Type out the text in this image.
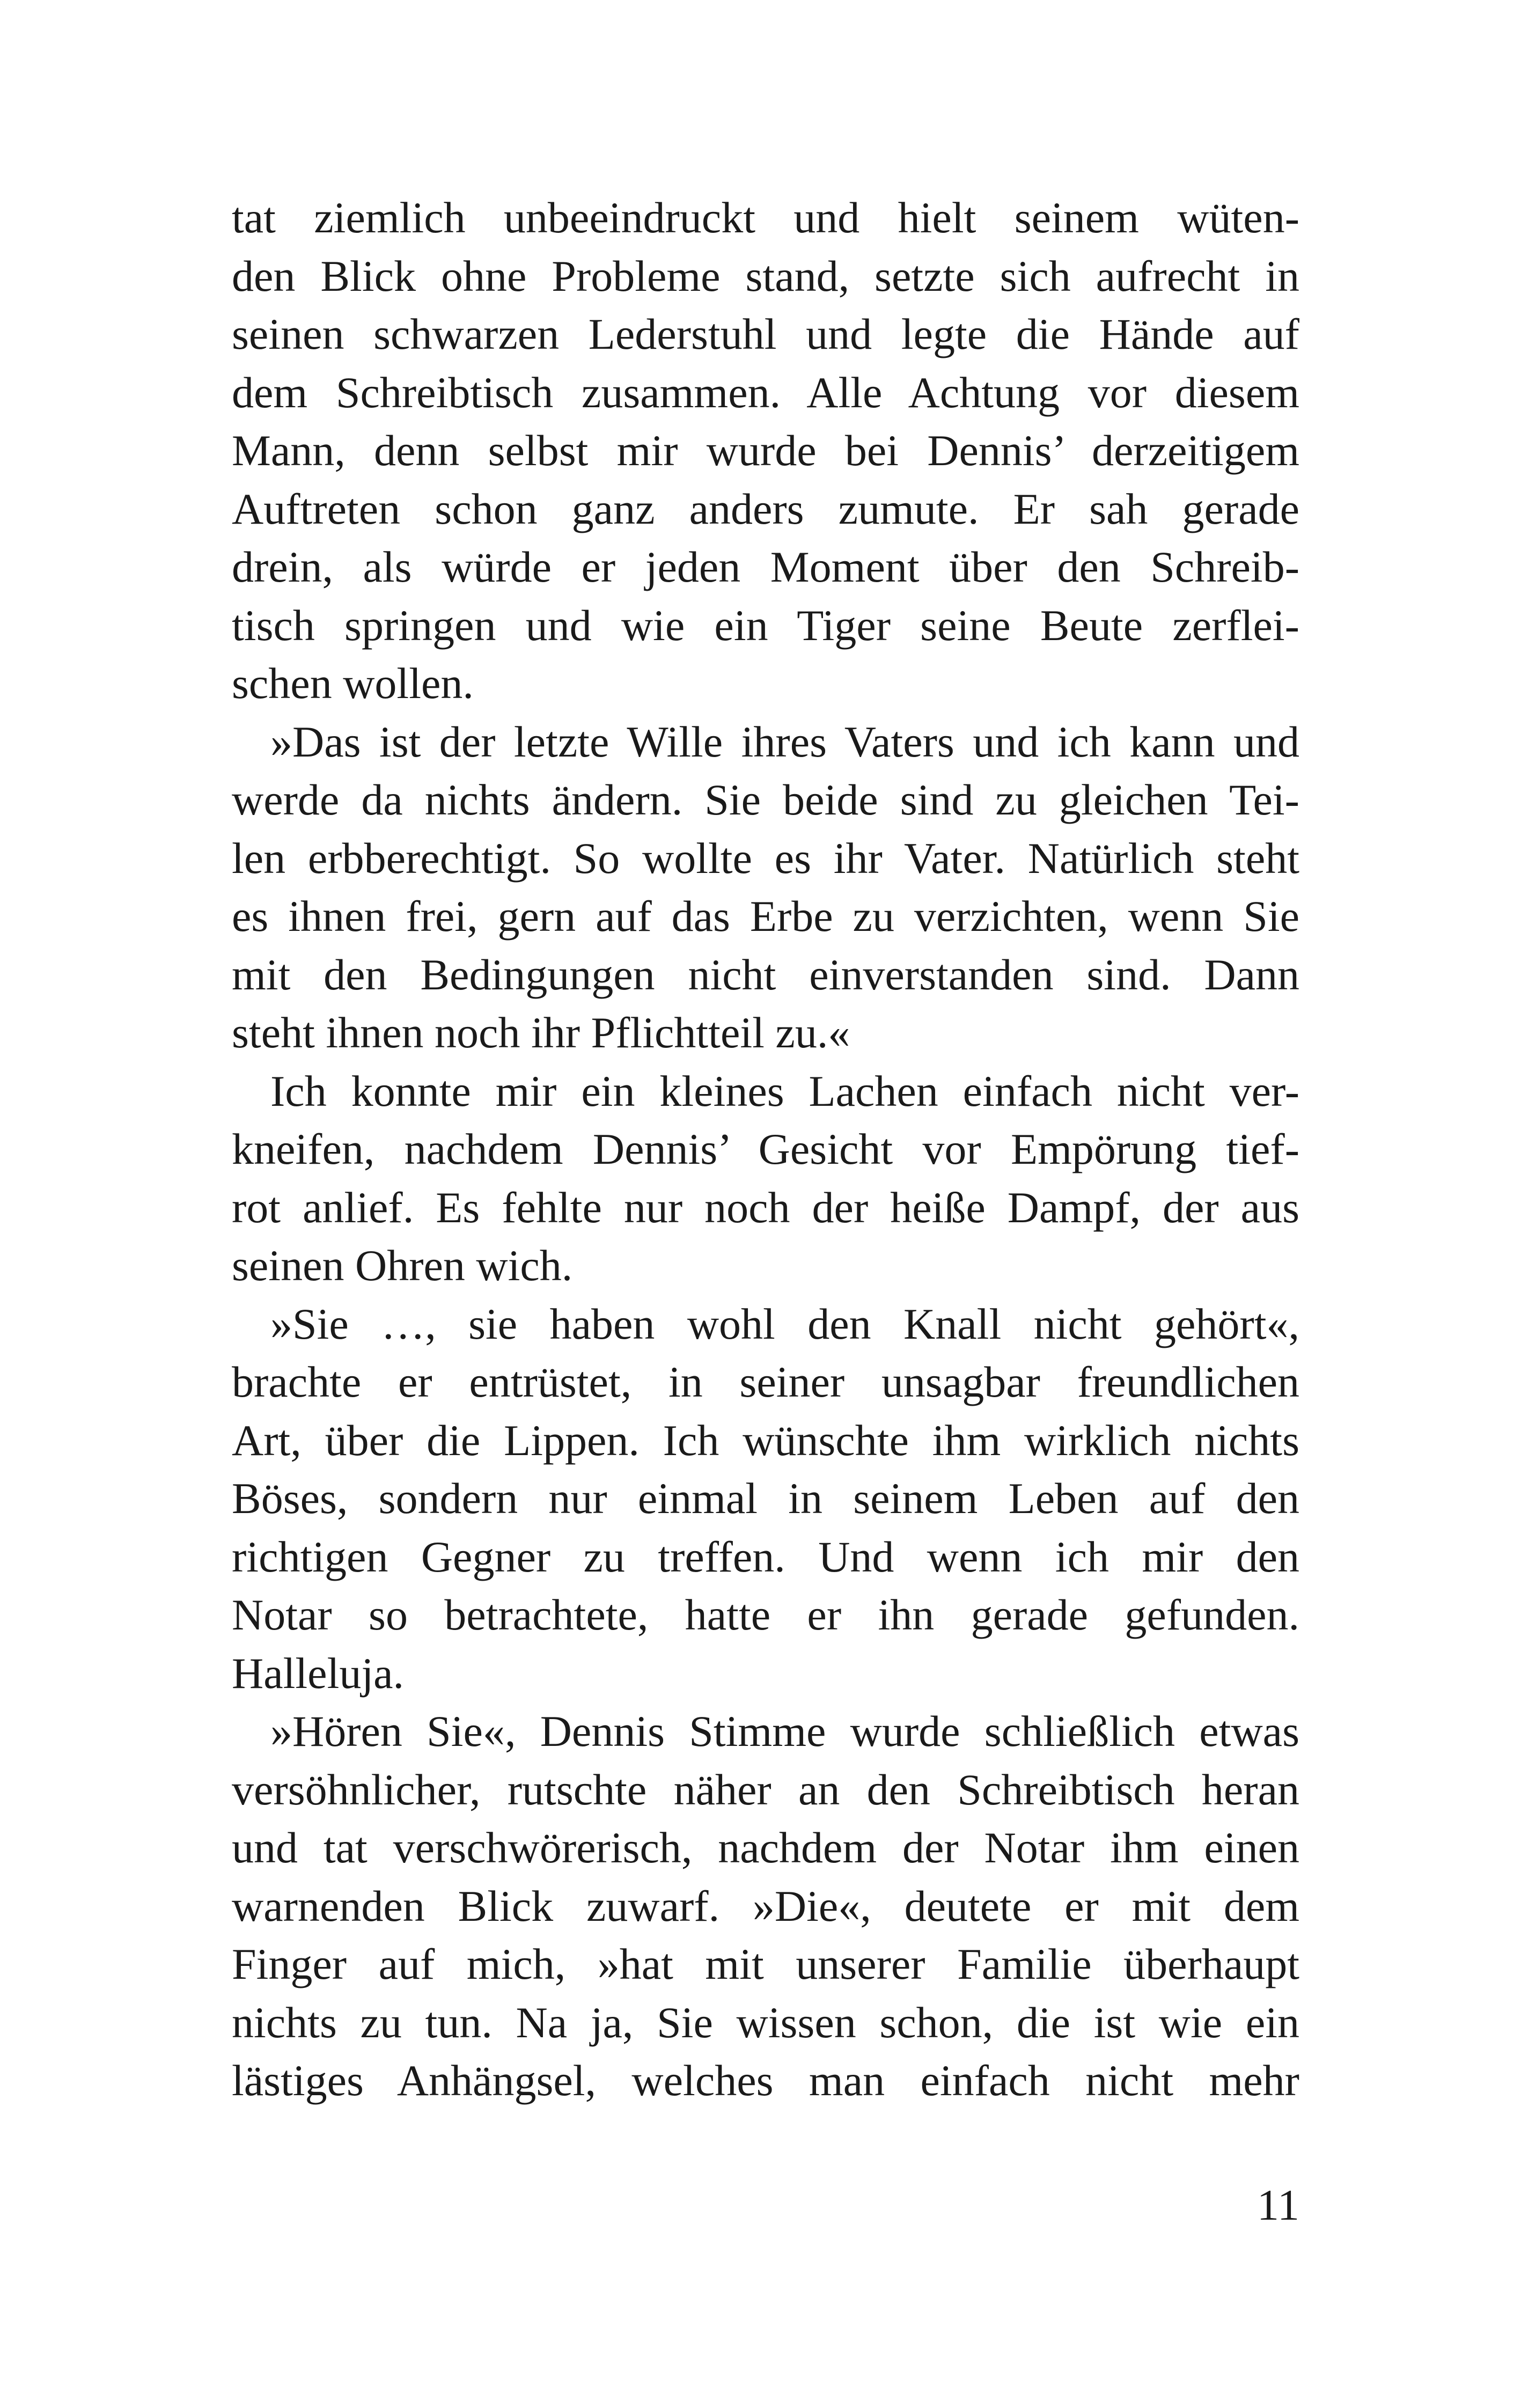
tat ziemlich unbeeindruckt und hielt seinem wüten-
den Blick ohne Probleme stand, setzte sich aufrecht in
seinen schwarzen Lederstuhl und legte die Hände auf
dem Schreibtisch zusammen. Alle Achtung vor diesem
Mann, denn selbst mir wurde bei Dennis’ derzeitigem
Auftreten schon ganz anders zumute. Er sah gerade
drein, als würde er jeden Moment über den Schreib-
tisch springen und wie ein Tiger seine Beute zerflei-
schen wollen.
»Das ist der letzte Wille ihres Vaters und ich kann und
werde da nichts ändern. Sie beide sind zu gleichen Tei-
len erbberechtigt. So wollte es ihr Vater. Natürlich steht
es ihnen frei, gern auf das Erbe zu verzichten, wenn Sie
mit den Bedingungen nicht einverstanden sind. Dann
steht ihnen noch ihr Pflichtteil zu.«
Ich konnte mir ein kleines Lachen einfach nicht ver-
kneifen, nachdem Dennis’ Gesicht vor Empörung tief-
rot anlief. Es fehlte nur noch der heiße Dampf, der aus
seinen Ohren wich.
»Sie …, sie haben wohl den Knall nicht gehört«,
brachte er entrüstet, in seiner unsagbar freundlichen
Art, über die Lippen. Ich wünschte ihm wirklich nichts
Böses, sondern nur einmal in seinem Leben auf den
richtigen Gegner zu treffen. Und wenn ich mir den
Notar so betrachtete, hatte er ihn gerade gefunden.
Halleluja.
»Hören Sie«, Dennis Stimme wurde schließlich etwas
versöhnlicher, rutschte näher an den Schreibtisch heran
und tat verschwörerisch, nachdem der Notar ihm einen
warnenden Blick zuwarf. »Die«, deutete er mit dem
Finger auf mich, »hat mit unserer Familie überhaupt
nichts zu tun. Na ja, Sie wissen schon, die ist wie ein
lästiges Anhängsel, welches man einfach nicht mehr
11
